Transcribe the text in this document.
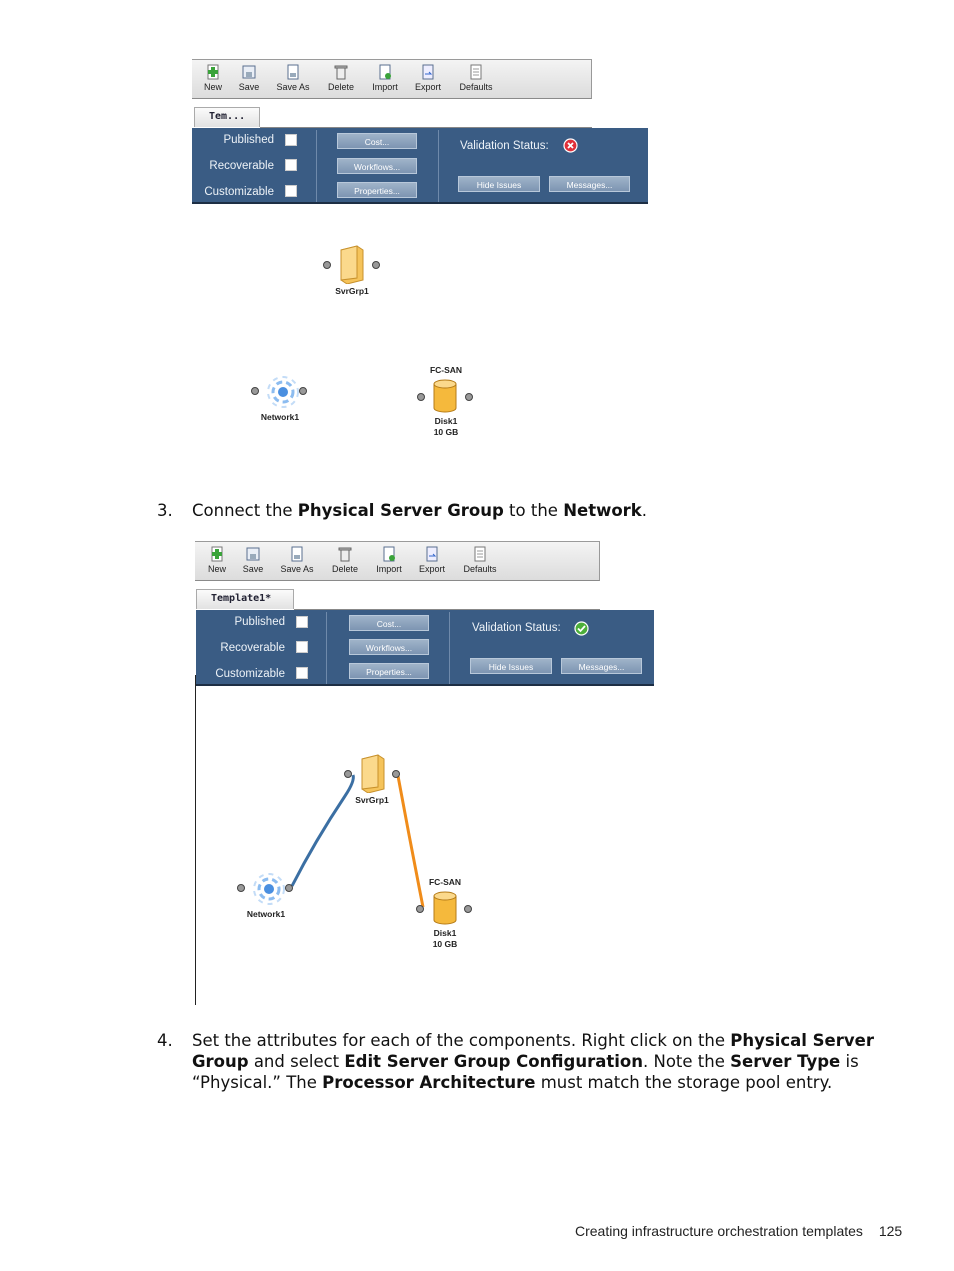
New	Save	Save As	Delete	Import	Export	Defaults
Tem...
Published
Recoverable
Customizable
Cost...
Workflows...
Properties...
Validation Status:
Hide Issues	Messages...
SvrGrp1
Network1
FC-SAN
Disk1
10 GB
3. Connect the Physical Server Group to the Network.
New	Save	Save As	Delete	Import	Export	Defaults
Template1*
Published
Recoverable
Customizable
Cost...
Workflows...
Properties...
Validation Status:
Hide Issues	Messages...
SvrGrp1
Network1
FC-SAN
Disk1
10 GB
4. Set the attributes for each of the components. Right click on the Physical Server Group and select Edit Server Group Configuration. Note the Server Type is “Physical.” The Processor Architecture must match the storage pool entry.
Creating infrastructure orchestration templates 125
